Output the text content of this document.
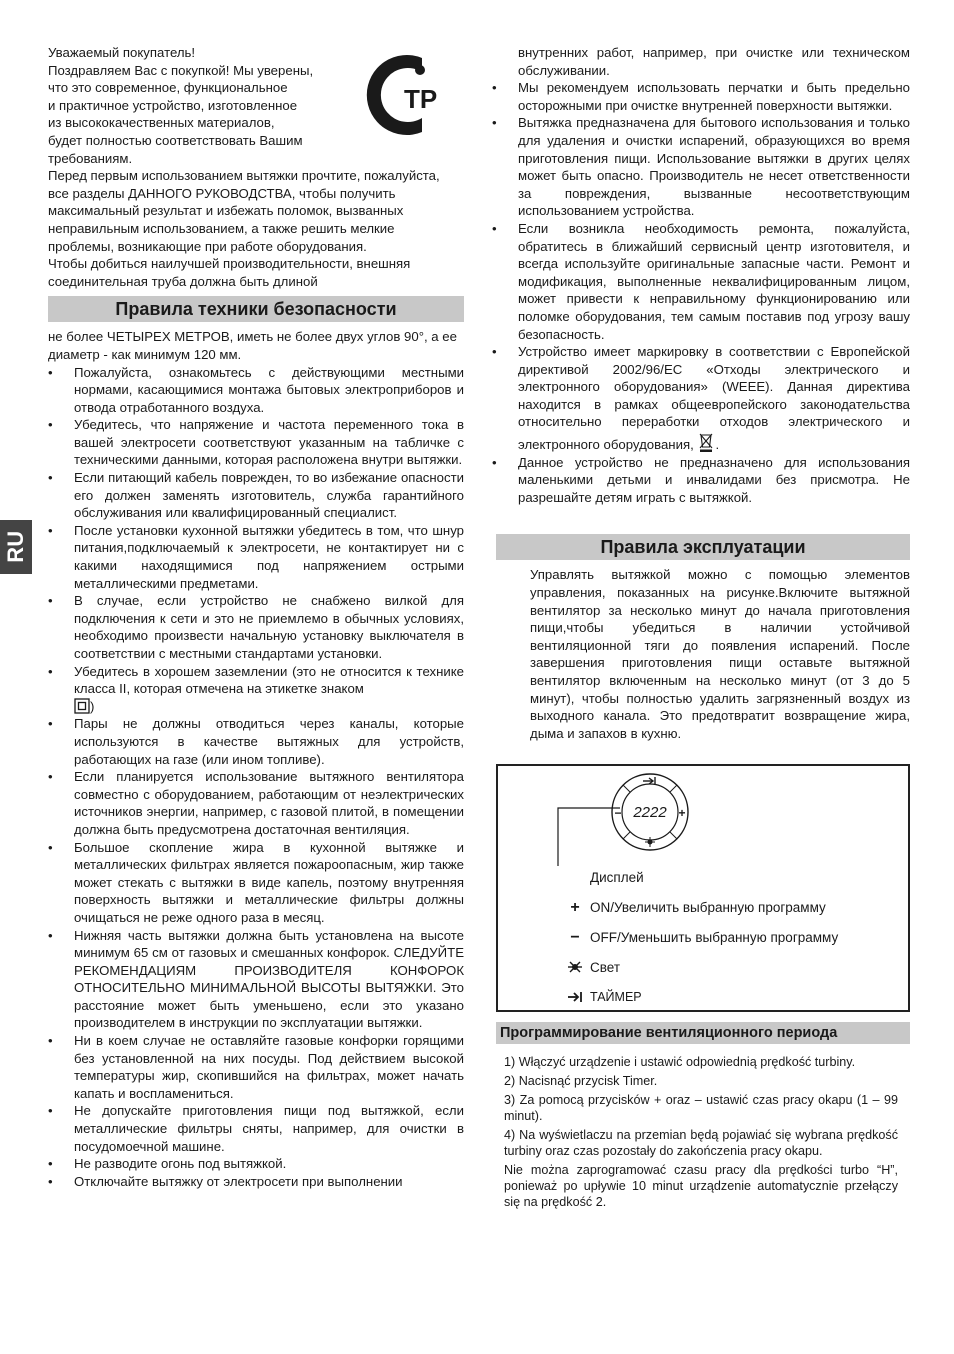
RU
ТР

Уважаемый покупатель!

Поздравляем Вас с покупкой! Мы уверены,

что это современное, функциональное

и практичное устройство, изготовленное

из высококачественных материалов,

будет полностью соответствовать Вашим

требованиям.

Перед первым использованием вытяжки прочтите, пожалуйста, все разделы ДАННОГО РУКОВОДСТВА, чтобы получить максимальный результат и избежать поломок, вызванных неправильным использованием, а также решить мелкие проблемы, возникающие при работе оборудования.

Чтобы добиться наилучшей производительности, внешняя соединительная труба должна быть длиной

Правила техники безопасности

не более ЧЕТЫРЕХ МЕТРОВ, иметь не более двух углов 90°, а ее диаметр - как минимум 120 мм.

• Пожалуйста, ознакомьтесь с действующими местными нормами, касающимися монтажа бытовых электроприборов и отвода отработанного воздуха.
• Убедитесь, что напряжение и частота переменного тока в вашей электросети соответствуют указанным на табличке с техническими данными, которая расположена внутри вытяжки.
• Если питающий кабель поврежден, то во избежание опасности его должен заменять изготовитель, служба гарантийного обслуживания или квалифицированный специалист.
• После установки кухонной вытяжки убедитесь в том, что шнур питания,подключаемый к электросети, не контактирует ни с какими находящимися под напряжением острыми металлическими предметами.
• В случае, если устройство не снабжено вилкой для подключения к сети и это не приемлемо в обычных условиях, необходимо произвести начальную установку выключателя в соответствии с местными стандартами установки.
• Убедитесь в хорошем заземлении (это не относится к технике класса II, которая отмечена на этикетке знаком
)
• Пары не должны отводиться через каналы, которые используются в качестве вытяжных для устройств, работающих на газе (или ином топливе).
• Если планируется использование вытяжного вентилятора совместно с оборудованием, работающим от неэлектрических источников энергии, например, с газовой плитой, в помещении должна быть предусмотрена достаточная вентиляция.
• Большое скопление жира в кухонной вытяжке и металлических фильтрах является пожароопасным, жир также может стекать с вытяжки в виде капель, поэтому внутренняя поверхность вытяжки и металлические фильтры должны очищаться не реже одного раза в месяц.
• Нижняя часть вытяжки должна быть установлена на высоте минимум 65 см от газовых и смешанных конфорок. СЛЕДУЙТЕ РЕКОМЕНДАЦИЯМ ПРОИЗВОДИТЕЛЯ КОНФОРОК ОТНОСИТЕЛЬНО МИНИМАЛЬНОЙ ВЫСОТЫ ВЫТЯЖКИ. Это расстояние может быть уменьшено, если это указано производителем в инструкции по эксплуатации вытяжки.
• Ни в коем случае не оставляйте газовые конфорки горящими без установленной на них посуды. Под действием высокой температуры жир, скопившийся на фильтрах, может начать капать и воспламениться.
• Не допускайте приготовления пищи под вытяжкой, если металлические фильтры сняты, например, для очистки в посудомоечной машине.
• Не разводите огонь под вытяжкой.
• Отключайте вытяжку от электросети при выполнении

внутренних работ, например, при очистке или техническом обслуживании.

• Мы рекомендуем использовать перчатки и быть предельно осторожными при очистке внутренней поверхности вытяжки.
• Вытяжка предназначена для бытового использования и только для удаления и очистки испарений, образующихся во время приготовления пищи. Использование вытяжки в других целях может быть опасно. Производитель не несет ответственности за повреждения, вызванные несоответствующим использованием устройства.
• Если возникла необходимость ремонта, пожалуйста, обратитесь в ближайший сервисный центр изготовителя, и всегда используйте оригинальные запасные части. Ремонт и модификация, выполненные неквалифицированным лицом, может привести к неправильному функционированию или поломке оборудования, тем самым поставив под угрозу вашу безопасность.
• Устройство имеет маркировку в соответствии с Европейской директивой 2002/96/EC «Отходы электрического и электронного оборудования» (WEEE). Данная директива находится в рамках общеевропейского законодательства относительно переработки отходов электрического и электронного оборудования, .
• Данное устройство не предназначено для использования маленькими детьми и инвалидами без присмотра. Не разрешайте детям играть с вытяжкой.
Правила эксплуатации

Управлять вытяжкой можно с помощью элементов управления, показанных на рисунке.Включите вытяжной вентилятор за несколько минут до начала приготовления пищи,чтобы убедиться в наличии устойчивой вентиляционной тяги до появления испарений. После завершения приготовления пищи оставьте вытяжной вентилятор включенным на несколько минут (от 3 до 5 минут), чтобы полностью удалить загрязненный воздух из выходного канала. Это предотвратит возвращение жира, дыма и запахов в кухню.

2222
−	+
Дисплей
+ ON/Увеличить выбранную программу
− OFF/Уменьшить выбранную программу
Свет
ТАЙМЕР
Программирование вентиляционного периода

1) Włączyć urządzenie i ustawić odpowiednią prędkość turbiny.

2) Nacisnąć przycisk Timer.

3) Za pomocą przycisków + oraz – ustawić czas pracy okapu (1 – 99 minut).

4) Na wyświetlaczu na przemian będą pojawiać się wybrana prędkość turbiny oraz czas pozostały do zakończenia pracy okapu.

Nie można zaprogramować czasu pracy dla prędkości turbo “H”, ponieważ po upływie 10 minut urządzenie automatycznie przełączy się na prędkość 2.
